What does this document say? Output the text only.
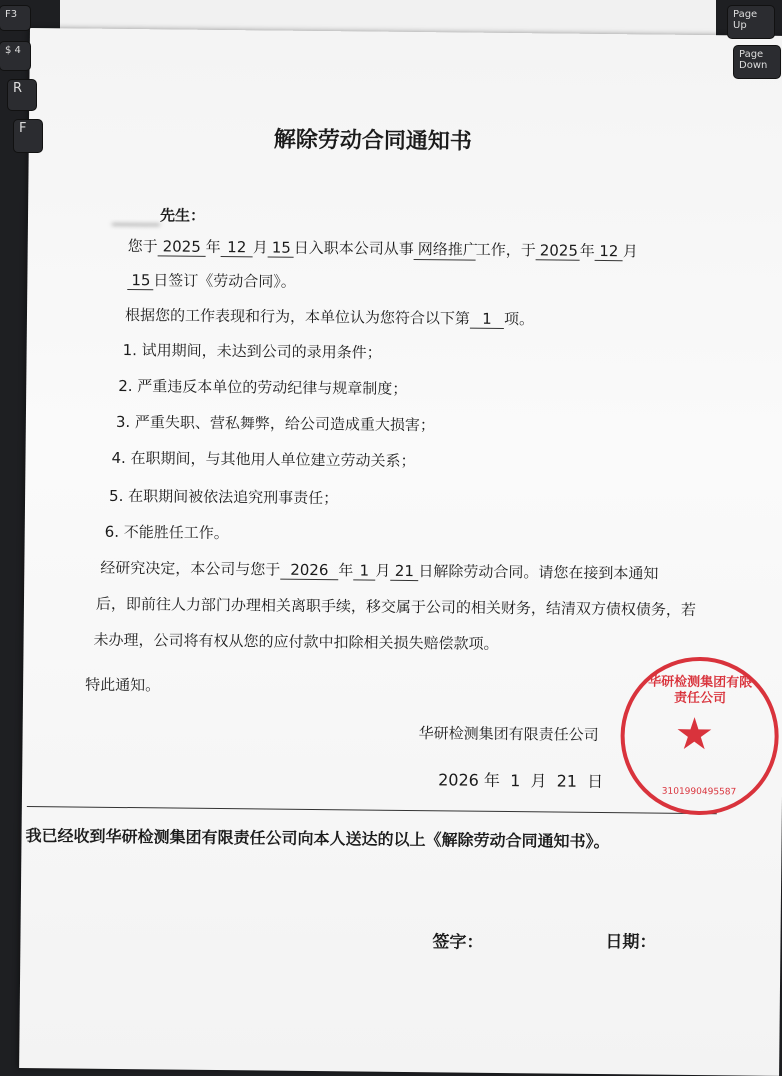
F3
$ 4
R
F
Page Up
Page Down
解除劳动合同通知书
先生：
您于 2025 年 12 月 15 日入职本公司从事 网络推广工作，于 2025 年 12 月
15 日签订《劳动合同》。
根据您的工作表现和行为，本单位认为您符合以下第 1 项。
1. 试用期间，未达到公司的录用条件；
2. 严重违反本单位的劳动纪律与规章制度；
3. 严重失职、营私舞弊，给公司造成重大损害；
4. 在职期间，与其他用人单位建立劳动关系；
5. 在职期间被依法追究刑事责任；
6. 不能胜任工作。
经研究决定，本公司与您于 2026 年 1 月 21 日解除劳动合同。请您在接到本通知
后，即前往人力部门办理相关离职手续，移交属于公司的相关财务，结清双方债权债务，若
未办理，公司将有权从您的应付款中扣除相关损失赔偿款项。
特此通知。
华研检测集团有限责任公司
2026 年 1 月 21 日
我已经收到华研检测集团有限责任公司向本人送达的以上《解除劳动合同通知书》。
签字：	日期：
华研检测集团有限责任公司
★
3101990495587
